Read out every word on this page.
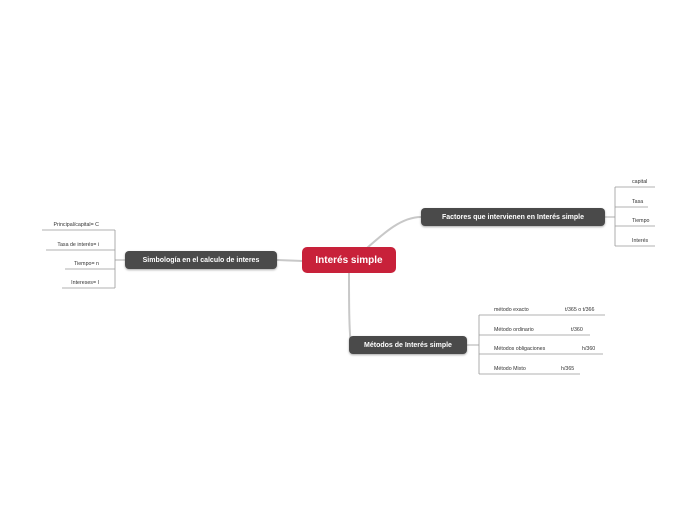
Interés simple
Factores que intervienen en Interés simple
capital
Tasa
Tiempo
Interés
Simbología en el calculo de interes
Principal/capital= C
Tasa de interés= i
Tiempo= n
Intereses= I
Métodos de Interés simple
método exacto	t/365 o t/366
Método ordinario	t/360
Métodos obligaciones	h/360
Método Mixto	h/365
